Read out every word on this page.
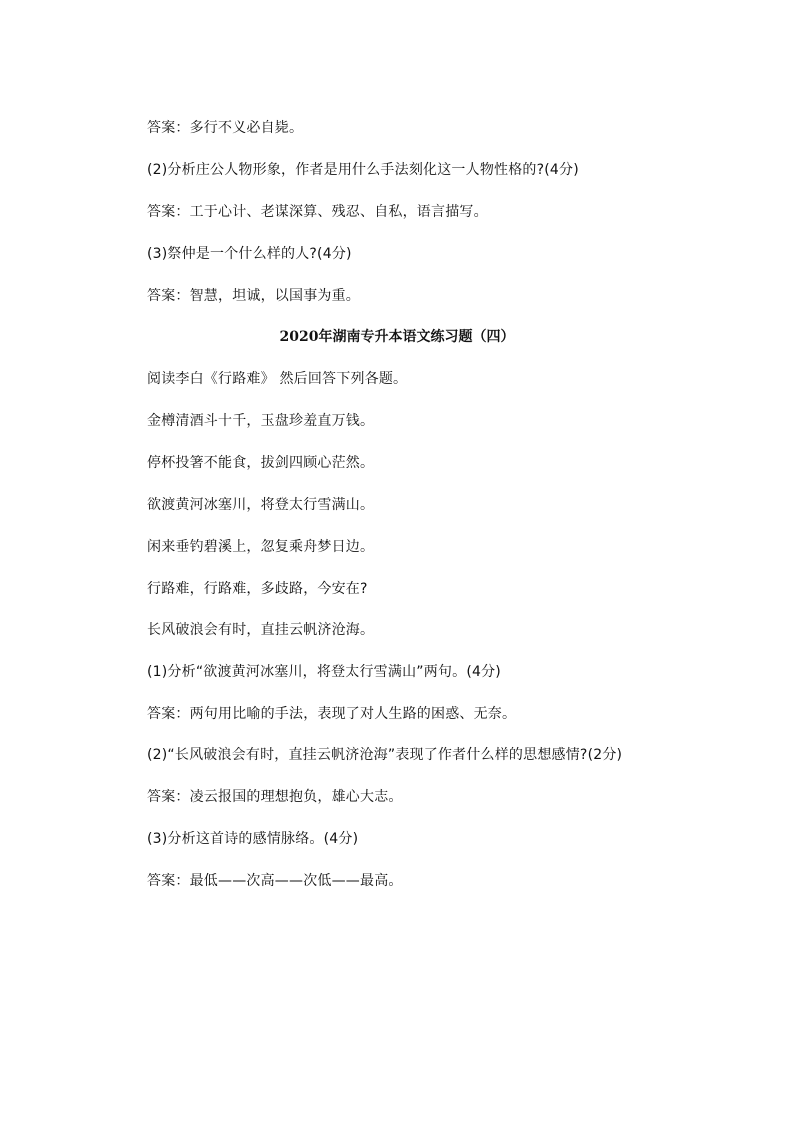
答案：多行不义必自毙。
(2)分析庄公人物形象，作者是用什么手法刻化这一人物性格的?(4分)
答案：工于心计、老谋深算、残忍、自私，语言描写。
(3)祭仲是一个什么样的人?(4分)
答案：智慧，坦诚，以国事为重。
2020年湖南专升本语文练习题（四）
阅读李白《行路难》 然后回答下列各题。
金樽清酒斗十千，玉盘珍羞直万钱。
停杯投箸不能食，拔剑四顾心茫然。
欲渡黄河冰塞川，将登太行雪满山。
闲来垂钓碧溪上，忽复乘舟梦日边。
行路难，行路难，多歧路，今安在?
长风破浪会有时，直挂云帆济沧海。
(1)分析“欲渡黄河冰塞川，将登太行雪满山”两句。(4分)
答案：两句用比喻的手法，表现了对人生路的困惑、无奈。
(2)“长风破浪会有时，直挂云帆济沧海”表现了作者什么样的思想感情?(2分)
答案：凌云报国的理想抱负，雄心大志。
(3)分析这首诗的感情脉络。(4分)
答案：最低——次高——次低——最高。
